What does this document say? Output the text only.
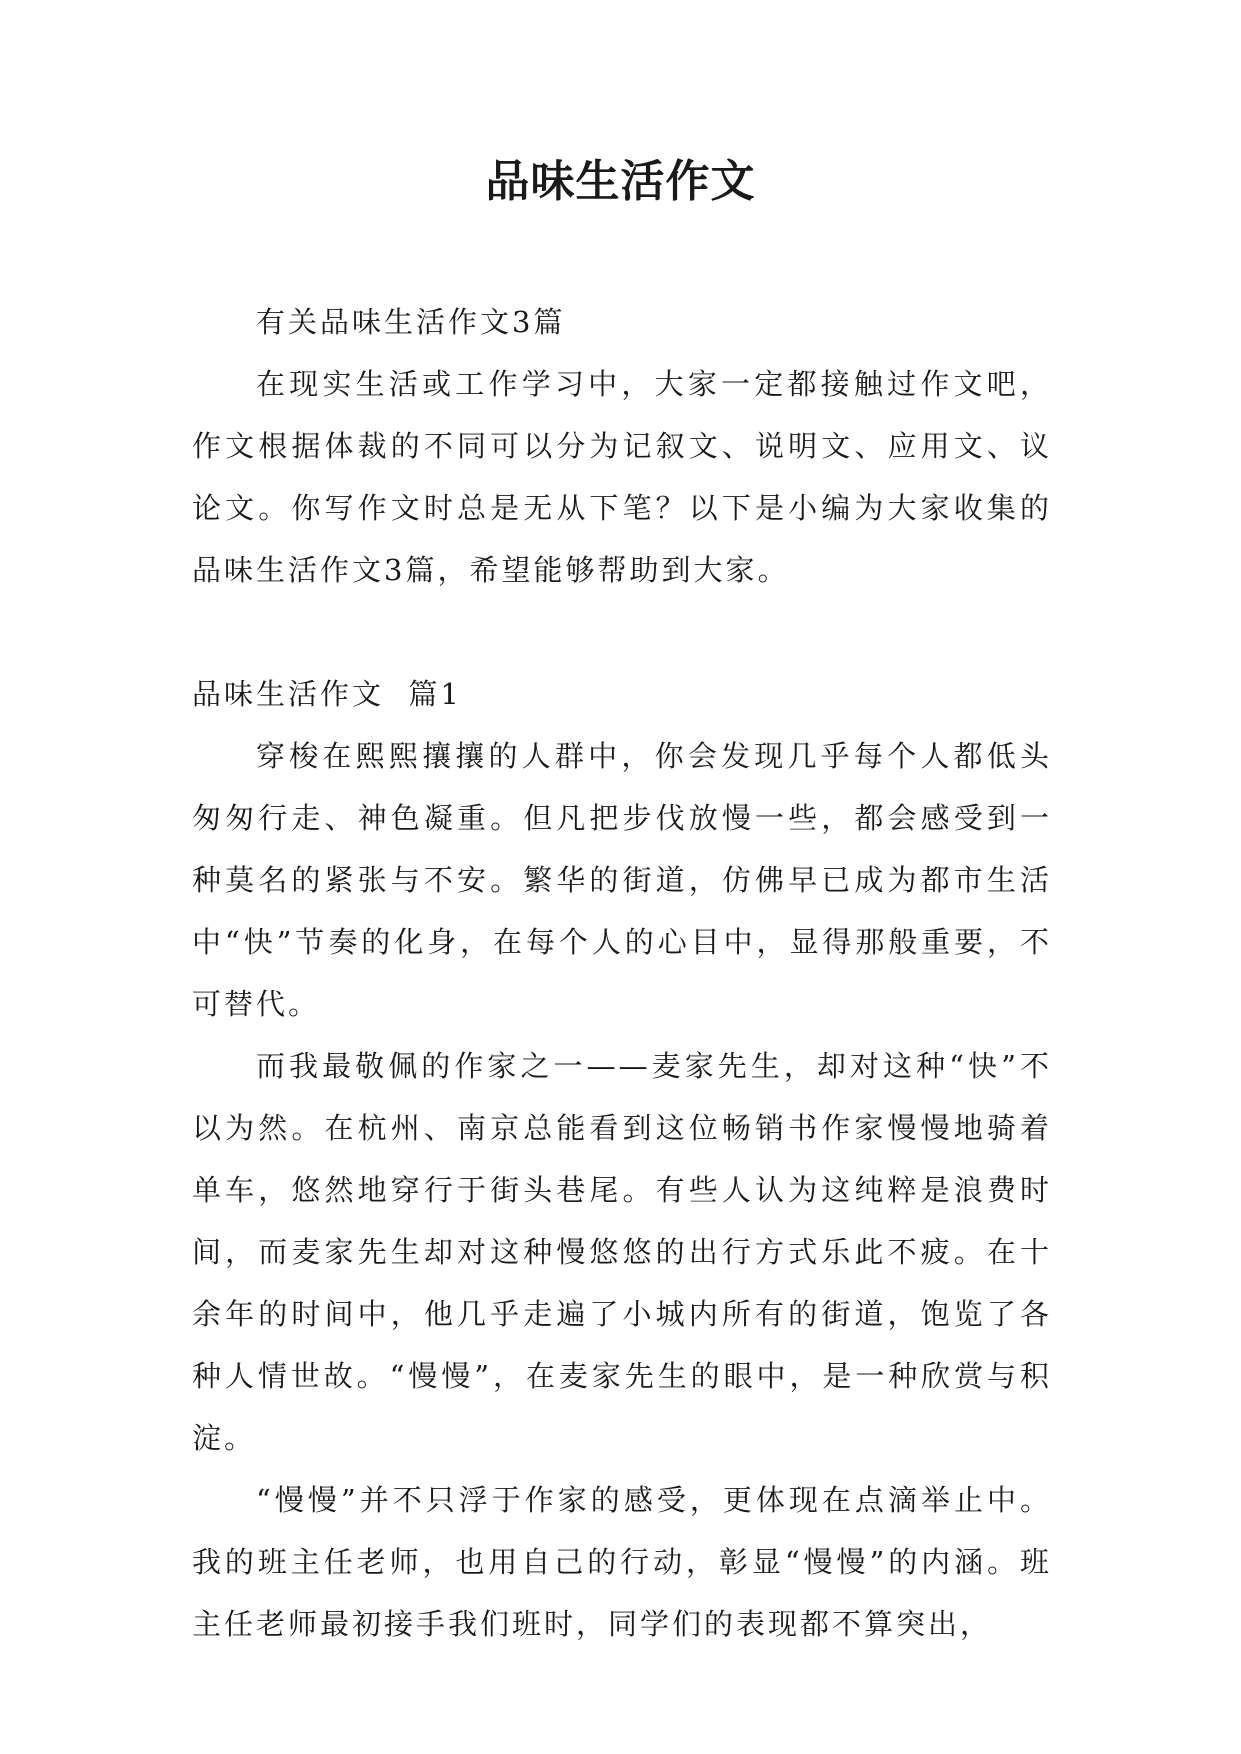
品味生活作文

有关品味生活作文3篇

在现实生活或工作学习中，大家一定都接触过作文吧，作文根据体裁的不同可以分为记叙文、说明文、应用文、议论文。你写作文时总是无从下笔？以下是小编为大家收集的品味生活作文3篇，希望能够帮助到大家。

品味生活作文  篇1

穿梭在熙熙攘攘的人群中，你会发现几乎每个人都低头匆匆行走、神色凝重。但凡把步伐放慢一些，都会感受到一种莫名的紧张与不安。繁华的街道，仿佛早已成为都市生活中“快”节奏的化身，在每个人的心目中，显得那般重要，不可替代。

而我最敬佩的作家之一——麦家先生，却对这种“快”不以为然。在杭州、南京总能看到这位畅销书作家慢慢地骑着单车，悠然地穿行于街头巷尾。有些人认为这纯粹是浪费时间，而麦家先生却对这种慢悠悠的出行方式乐此不疲。在十余年的时间中，他几乎走遍了小城内所有的街道，饱览了各种人情世故。“慢慢”，在麦家先生的眼中，是一种欣赏与积淀。

“慢慢”并不只浮于作家的感受，更体现在点滴举止中。我的班主任老师，也用自己的行动，彰显“慢慢”的内涵。班主任老师最初接手我们班时，同学们的表现都不算突出，
